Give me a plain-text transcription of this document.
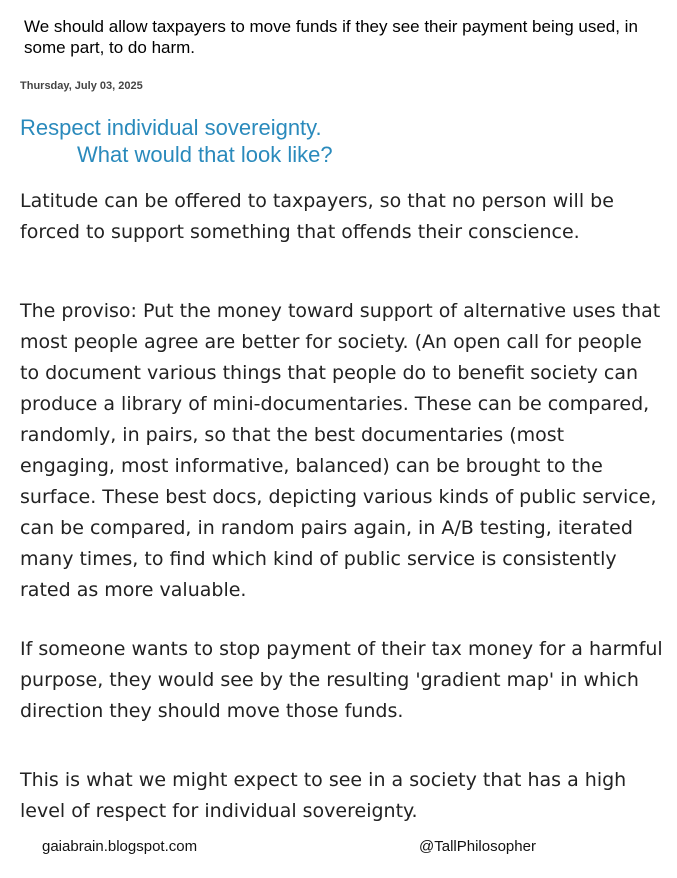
We should allow taxpayers to move funds if they see their payment being used, in some part, to do harm.
Thursday, July 03, 2025
Respect individual sovereignty.
What would that look like?

Latitude can be offered to taxpayers, so that no person will be forced to support something that offends their conscience.

The proviso: Put the money toward support of alternative uses that most people agree are better for society. (An open call for people to document various things that people do to benefit society can produce a library of mini-documentaries. These can be compared, randomly, in pairs, so that the best documentaries (most engaging, most informative, balanced) can be brought to the surface. These best docs, depicting various kinds of public service, can be compared, in random pairs again, in A/B testing, iterated many times, to find which kind of public service is consistently rated as more valuable.

If someone wants to stop payment of their tax money for a harmful purpose, they would see by the resulting 'gradient map' in which direction they should move those funds.

This is what we might expect to see in a society that has a high level of respect for individual sovereignty.

gaiabrain.blogspot.com	@TallPhilosopher
